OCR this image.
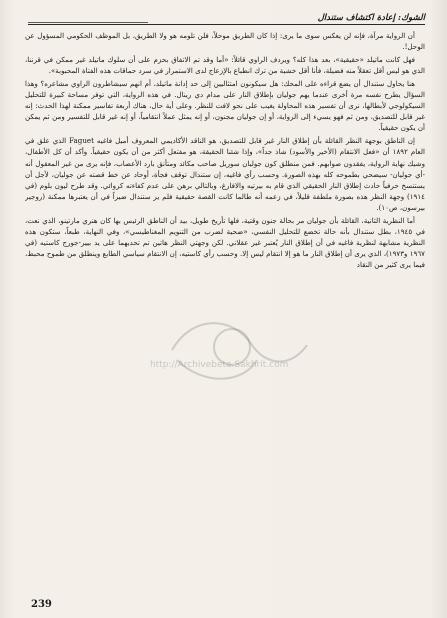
الشوك: إعادة اكتشاف ستندال

أن الرواية مرآة، فإنه لن يعكس سوى ما يرى: إذا كان الطريق موحلاً، فلن تلومه هو ولا الطريق، بل الموظف الحكومي المسؤول عن الوحل!.

فهل كانت ماتيلد «حقيقية»، بعد هذا كله؟ ويردف الراوي قائلاً: «أما وقد تم الاتفاق بحزم على أن سلوك ماتيلد غير ممكن في قرننا، الذي هو ليس أقل تعقلاً منه فضيلة، فأنا أقل خشية من ترك انطباع بالإزعاج لدى الاستمرار في سرد حماقات هذه الفتاة المحبوبة».

هنا يحاول ستندال أن يضع قراءه على المحك: هل سيكونون امتثاليين إلى حد إدانة ماتيلد، أم انهم سيشاطرون الراوي مشاعره؟ وهذا السؤال يطرح نفسه مرة أخرى عندما يهم جوليان بإطلاق النار على مدام دي رينال. في هذه الرواية، التي توفر مساحة كبيرة للتحليل السيكولوجي لأبطالها، نرى أن تفسير هذه المحاولة يغيب على نحو لافت للنظر. وعلى أية حال، هناك أربعة تفاسير ممكنة لهذا الحدث: إنه غير قابل للتصديق، ومن ثم فهو يسيء إلى الرواية، أو إن جوليان مجنون، أو إنه يمثل عملاً انتقامياً، أو إنه غير قابل للتفسير ومن ثم يمكن أن يكون حقيقياً.

إن الناطق بوجهة النظر القائلة بأن إطلاق النار غير قابل للتصديق، هو الناقد الأكاديمي المعروف أميل فاغيه Faguet الذي علق في العام ١٨٩٢ أن «فعل الانتقام (الأخير والأسود) شاذ جداً»، وإذا شئنا الحقيقة، هو مفتعل أكثر من أن يكون حقيقياً. وأكد أن كل الأطفال، وشيك نهاية الرواية، يفقدون صوابهم. فمن منطلق كون جوليان سوريل صاحب مكائد ومتأنق بارد الأعصاب، فإنه يرى من غير المعقول أنه -أي جوليان- سيضحي بطموحه كله بهذه الصورة. وحسب رأي فاغيه، إن ستندال توقف فجأة، أوحاد عن خط قصته عن جوليان، لأجل أن يستنسخ حرفياً حادث إطلاق النار الحقيقي الذي قام به بيرتيه والافارغ، وبالتالي برهن على عدم كفاءته كروائي. وقد طرح ليون بلوم (في ١٩١٤) وجهة النظر هذه بصورة ملطفة قليلاً، في زعمه أنه طالما كانت القصة حقيقية فلم ير ستندال ضيراً في أن يعتبرها ممكنة (روجير بيرسون، ص١٠).

أما النظرية الثانية، القائلة بأن جوليان مر بحالة جنون وقتية، فلها تأريخ طويل، بيد أن الناطق الرئيس بها كان هنري مارتينو، الذي نعت، في ١٩٤٥، بطل ستندال بأنه حالة تخضع للتحليل النفسي، «ضحية لضرب من التنويم المغناطيسي»، وفي النهاية، طبعاً، ستكون هذه النظرية مشابهة لنظرية فاغيه في أن إطلاق النار يُعتبر غير عقلاني. لكن وجهتي النظر هاتين تم تحديهما على يد بيير-جورج كاستيه (في ١٩٦٧ و١٩٧٣)، الذي يرى أن إطلاق النار ما هو إلا انتقام ليس إلا. وحسب رأي كاستيه، إن الانتقام سياسي الطابع وينطلق من طموح محبط، فيما يرى كثير من النقاد

http://Archivebeta.Sakhrit.com
239
